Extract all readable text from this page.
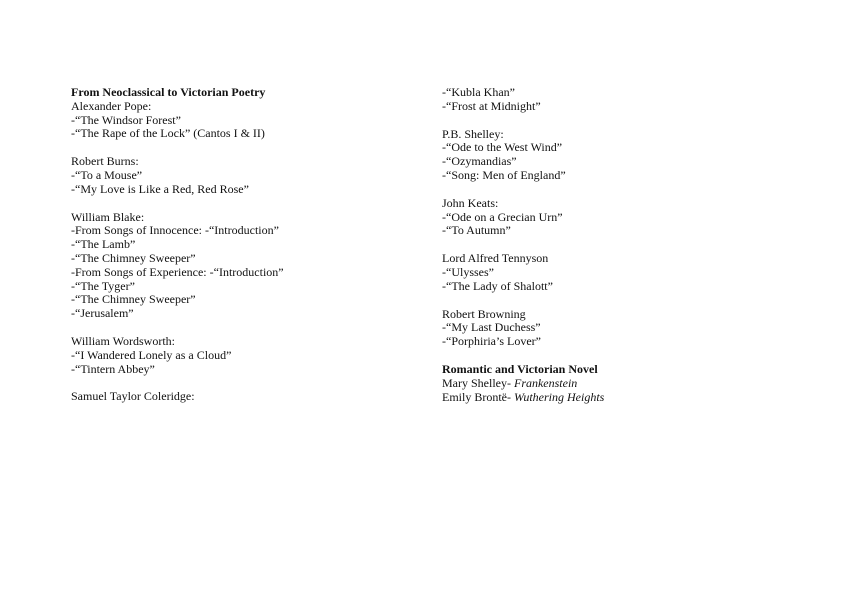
From Neoclassical to Victorian Poetry
Alexander Pope:
-“The Windsor Forest”
-“The Rape of the Lock” (Cantos I & II)
Robert Burns:
-“To a Mouse”
-“My Love is Like a Red, Red Rose”
William Blake:
-From Songs of Innocence: -“Introduction”
-“The Lamb”
-“The Chimney Sweeper”
-From Songs of Experience: -“Introduction”
-“The Tyger”
-“The Chimney Sweeper”
-“Jerusalem”
William Wordsworth:
-“I Wandered Lonely as a Cloud”
-“Tintern Abbey”
Samuel Taylor Coleridge:
-“Kubla Khan”
-“Frost at Midnight”
P.B. Shelley:
-“Ode to the West Wind”
-“Ozymandias”
-“Song: Men of England”
John Keats:
-“Ode on a Grecian Urn”
-“To Autumn”
Lord Alfred Tennyson
-“Ulysses”
-“The Lady of Shalott”
Robert Browning
-“My Last Duchess”
-“Porphiria’s Lover”
Romantic and Victorian Novel
Mary Shelley- Frankenstein
Emily Brontë- Wuthering Heights
